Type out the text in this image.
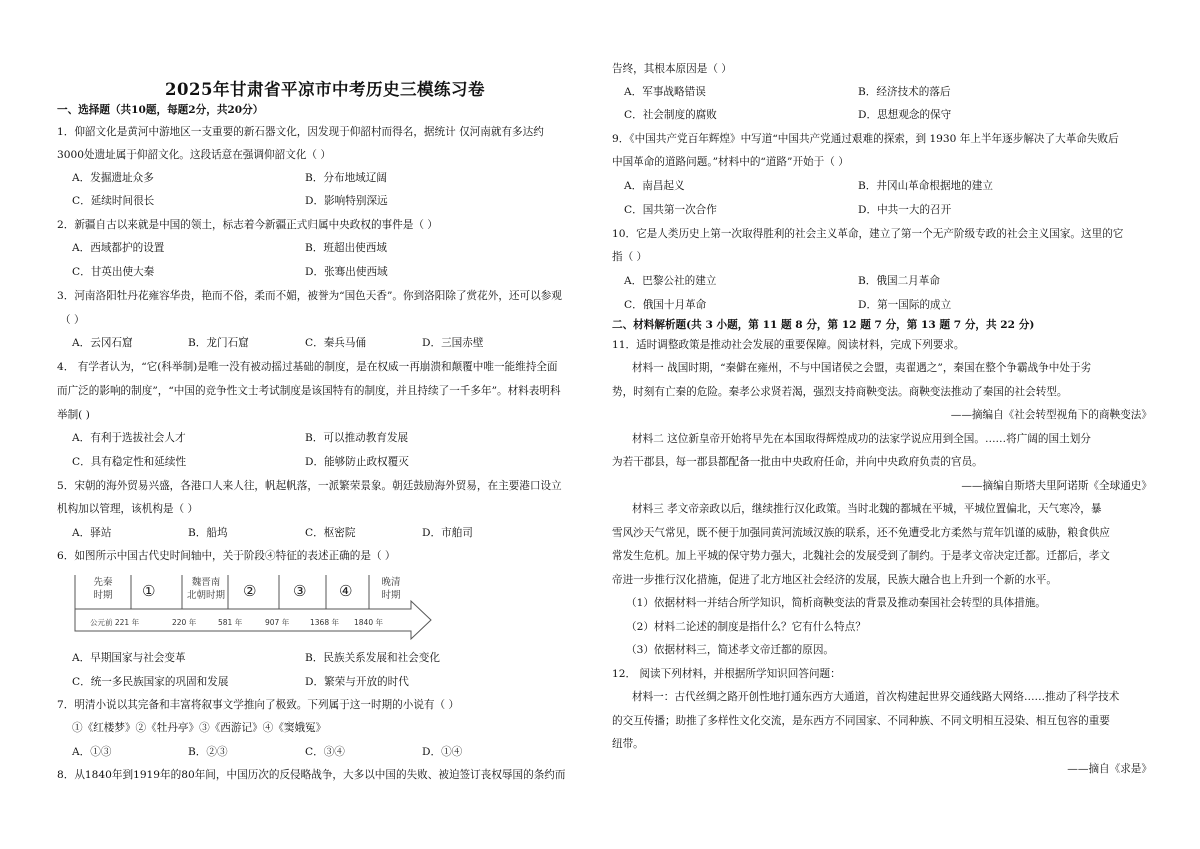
2025年甘肃省平凉市中考历史三模练习卷
一、选择题（共10题，每题2分，共20分）
1．仰韶文化是黄河中游地区一支重要的新石器文化，因发现于仰韶村而得名，据统计 仅河南就有多达约
3000处遗址属于仰韶文化。这段话意在强调仰韶文化（ ）
A．发掘遗址众多	B．分布地域辽阔
C．延续时间很长	D．影响特别深远
2．新疆自古以来就是中国的领土，标志着今新疆正式归属中央政权的事件是（ ）
A．西域都护的设置	B．班超出使西域
C．甘英出使大秦	D．张骞出使西域
3．河南洛阳牡丹花雍容华贵，艳而不俗，柔而不媚，被誉为“国色天香”。你到洛阳除了赏花外，还可以参观
（ ）
A．云冈石窟	B．龙门石窟	C．秦兵马俑	D．三国赤壁
4． 有学者认为，“它(科举制)是唯一没有被动摇过基础的制度，是在权威一再崩溃和颠覆中唯一能维持全面
而广泛的影响的制度”，“中国的竞争性文士考试制度是该国特有的制度，并且持续了一千多年”。材料表明科
举制( )
A．有利于选拔社会人才	B．可以推动教育发展
C．具有稳定性和延续性	D．能够防止政权覆灭
5．宋朝的海外贸易兴盛，各港口人来人往，帆起帆落，一派繁荣景象。朝廷鼓励海外贸易，在主要港口设立
机构加以管理，该机构是（ ）
A．驿站	B．船坞	C．枢密院	D．市舶司
6．如图所示中国古代史时间轴中，关于阶段④特征的表述正确的是（ ）
先秦
时期	①	魏晋南
北朝时期	② ③ ④	晚清
时期
公元前 221 年	220 年	581 年	907 年	1368 年 1840 年
A．早期国家与社会变革	B．民族关系发展和社会变化
C．统一多民族国家的巩固和发展	D．繁荣与开放的时代
7．明清小说以其完备和丰富将叙事文学推向了极致。下列属于这一时期的小说有（ ）
①《红楼梦》②《牡丹亭》③《西游记》④《窦娥冤》
A．①③	B．②③	C．③④	D．①④
8．从1840年到1919年的80年间，中国历次的反侵略战争，大多以中国的失败、被迫签订丧权辱国的条约而
告终，其根本原因是（ ）
A．军事战略错误	B．经济技术的落后
C．社会制度的腐败	D．思想观念的保守
9．《中国共产党百年辉煌》中写道“中国共产党通过艰难的探索，到 1930 年上半年逐步解决了大革命失败后
中国革命的道路问题。”材料中的“道路”开始于（ ）
A．南昌起义	B．井冈山革命根据地的建立
C．国共第一次合作	D．中共一大的召开
10．它是人类历史上第一次取得胜利的社会主义革命，建立了第一个无产阶级专政的社会主义国家。这里的它
指（ ）
A．巴黎公社的建立	B．俄国二月革命
C．俄国十月革命	D．第一国际的成立
二、材料解析题(共 3 小题，第 11 题 8 分，第 12 题 7 分，第 13 题 7 分，共 22 分)
11．适时调整政策是推动社会发展的重要保障。阅读材料，完成下列要求。
材料一 战国时期，“秦僻在雍州，不与中国诸侯之会盟，夷翟遇之”，秦国在整个争霸战争中处于劣
势，时刻有亡秦的危险。秦孝公求贤若渴，强烈支持商鞅变法。商鞅变法推动了秦国的社会转型。
——摘编自《社会转型视角下的商鞅变法》
材料二 这位新皇帝开始将早先在本国取得辉煌成功的法家学说应用到全国。……将广阔的国土划分
为若干郡县，每一郡县都配备一批由中央政府任命，并向中央政府负责的官员。
——摘编自斯塔夫里阿诺斯《全球通史》
材料三 孝文帝亲政以后，继续推行汉化政策。当时北魏的都城在平城，平城位置偏北，天气寒冷，暴
雪风沙天气常见，既不便于加强同黄河流域汉族的联系，还不免遭受北方柔然与荒年饥谨的威胁，粮食供应
常发生危机。加上平城的保守势力强大，北魏社会的发展受到了制约。于是孝文帝决定迁都。迁都后，孝文
帝进一步推行汉化措施，促进了北方地区社会经济的发展，民族大融合也上升到一个新的水平。
（1）依据材料一并结合所学知识，简析商鞅变法的背景及推动秦国社会转型的具体措施。
（2）材料二论述的制度是指什么？它有什么特点？
（3）依据材料三，简述孝文帝迁都的原因。
12． 阅读下列材料，并根据所学知识回答问题：
材料一：古代丝绸之路开创性地打通东西方大通道，首次构建起世界交通线路大网络……推动了科学技术
的交互传播；助推了多样性文化交流，是东西方不同国家、不同种族、不同文明相互浸染、相互包容的重要
纽带。
——摘自《求是》
